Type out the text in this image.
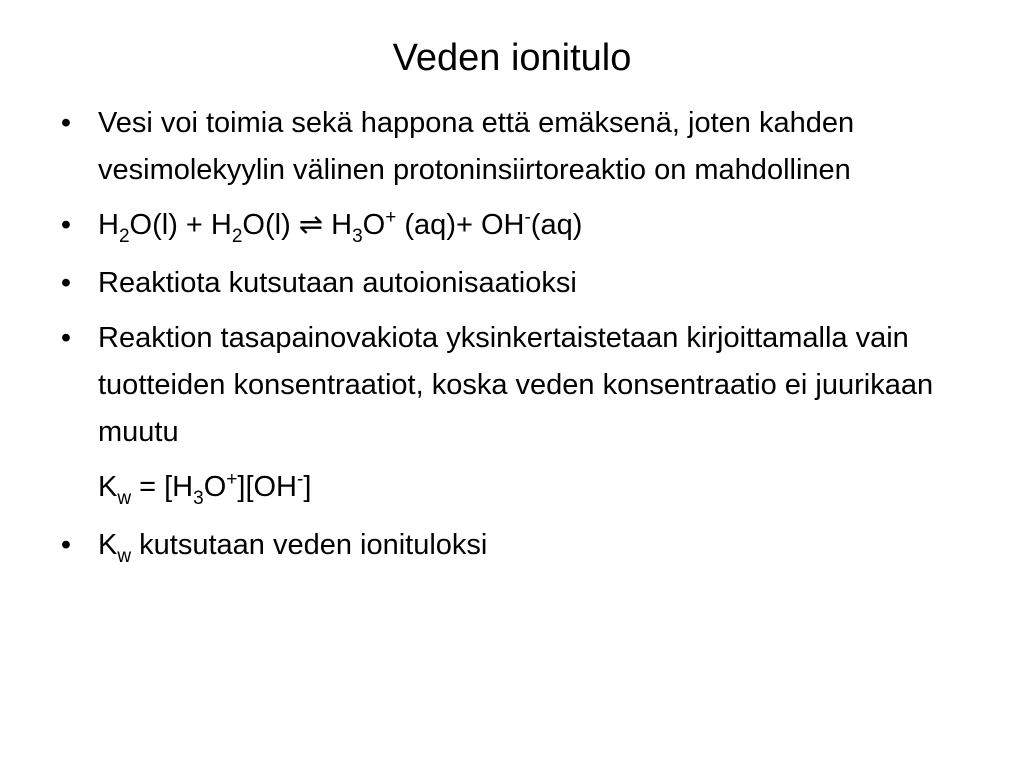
Veden ionitulo
• Vesi voi toimia sekä happona että emäksenä, joten kahden vesimolekyylin välinen protoninsiirtoreaktio on mahdollinen
• $H_2O(l) + H_2O(l)$ ⇌ $H_3O^+$ (aq)+ OH-(aq)
• Reaktiota kutsutaan autoionisaatioksi
• Reaktion tasapainovakiota yksinkertaistetaan kirjoittamalla vain tuotteiden konsentraatiot, koska veden konsentraatio ei juurikaan muutu
$K_w = [H_3O^+][OH^-]$
• $K_w$ kutsutaan veden ionituloksi
